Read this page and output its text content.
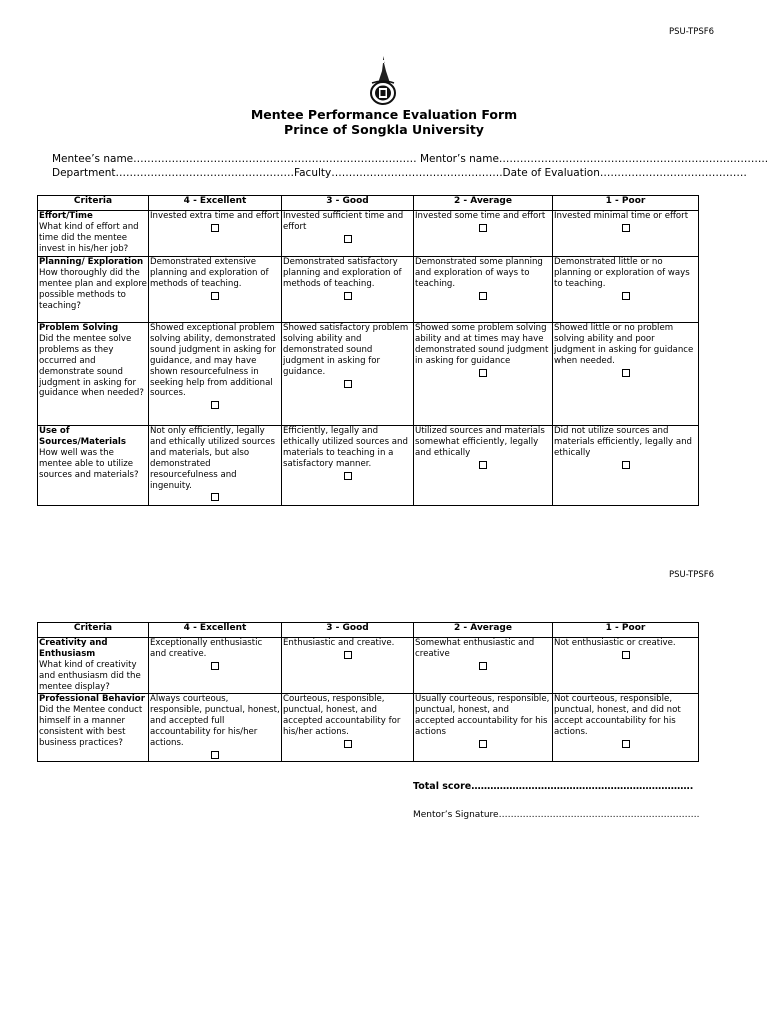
PSU-TPSF6
Mentee Performance Evaluation Form
Prince of Songkla University
Mentee’s name……………………………………………………………………… Mentor’s name…………………………………………………………………..
Department……………………………………………Faculty………………………………………….Date of Evaluation……………………………………
Criteria	4 - Excellent	3 - Good	2 - Average	1 - Poor

Effort/Time
What kind of effort and time did the mentee invest in his/her job?	Invested extra time and effort	Invested sufficient time and effort	Invested some time and effort	Invested minimal time or effort

Planning/ Exploration
How thoroughly did the mentee plan and explore possible methods to teaching?	Demonstrated extensive planning and exploration of methods of teaching.	Demonstrated satisfactory planning and exploration of methods of teaching.	Demonstrated some planning and exploration of ways to teaching.	Demonstrated little or no planning or exploration of ways to teaching.

Problem Solving
Did the mentee solve problems as they occurred and demonstrate sound judgment in asking for guidance when needed?	Showed exceptional problem solving ability, demonstrated sound judgment in asking for guidance, and may have shown resourcefulness in seeking help from additional sources.	Showed satisfactory problem solving ability and demonstrated sound judgment in asking for guidance.	Showed some problem solving ability and at times may have demonstrated sound judgment in asking for guidance	Showed little or no problem solving ability and poor judgment in asking for guidance when needed.

Use of Sources/Materials
How well was the mentee able to utilize sources and materials?	Not only efficiently, legally and ethically utilized sources and materials, but also demonstrated resourcefulness and ingenuity.	Efficiently, legally and ethically utilized sources and materials to teaching in a satisfactory manner.	Utilized sources and materials somewhat efficiently, legally and ethically	Did not utilize sources and materials efficiently, legally and ethically
PSU-TPSF6
Criteria	4 - Excellent	3 - Good	2 - Average	1 - Poor

Creativity and Enthusiasm
What kind of creativity and enthusiasm did the mentee display?	Exceptionally enthusiastic and creative.	Enthusiastic and creative.	Somewhat enthusiastic and creative	Not enthusiastic or creative.

Professional Behavior
Did the Mentee conduct himself in a manner consistent with best business practices?	Always courteous, responsible, punctual, honest, and accepted full accountability for his/her actions.	Courteous, responsible, punctual, honest, and accepted accountability for his/her actions.	Usually courteous, responsible, punctual, honest, and accepted accountability for his actions	Not courteous, responsible, punctual, honest, and did not accept accountability for his actions.
Total score…………………………………………………………….
Mentor’s Signature………………………………………………………….
